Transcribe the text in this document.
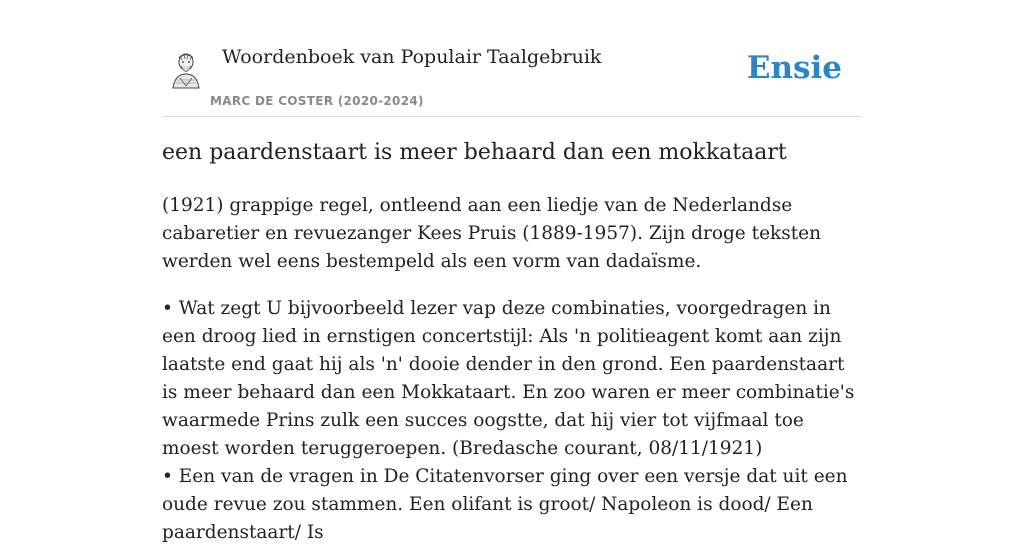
Woordenboek van Populair Taalgebruik
MARC DE COSTER (2020-2024)
Ensie
een paardenstaart is meer behaard dan een mokkataart

(1921) grappige regel, ontleend aan een liedje van de Nederlandse cabaretier en revuezanger Kees Pruis (1889-1957). Zijn droge teksten werden wel eens bestempeld als een vorm van dadaïsme.

• Wat zegt U bijvoorbeeld lezer vap deze combinaties, voorgedragen in een droog lied in ernstigen concertstijl: Als 'n politieagent komt aan zijn laatste end gaat hij als 'n' dooie dender in den grond. Een paardenstaart is meer behaard dan een Mokkataart. En zoo waren er meer combinatie's waarmede Prins zulk een succes oogstte, dat hij vier tot vijfmaal toe moest worden teruggeroepen. (Bredasche courant, 08/11/1921)

• Een van de vragen in De Citatenvorser ging over een versje dat uit een oude revue zou stammen. Een olifant is groot/ Napoleon is dood/ Een paardenstaart/ Is
